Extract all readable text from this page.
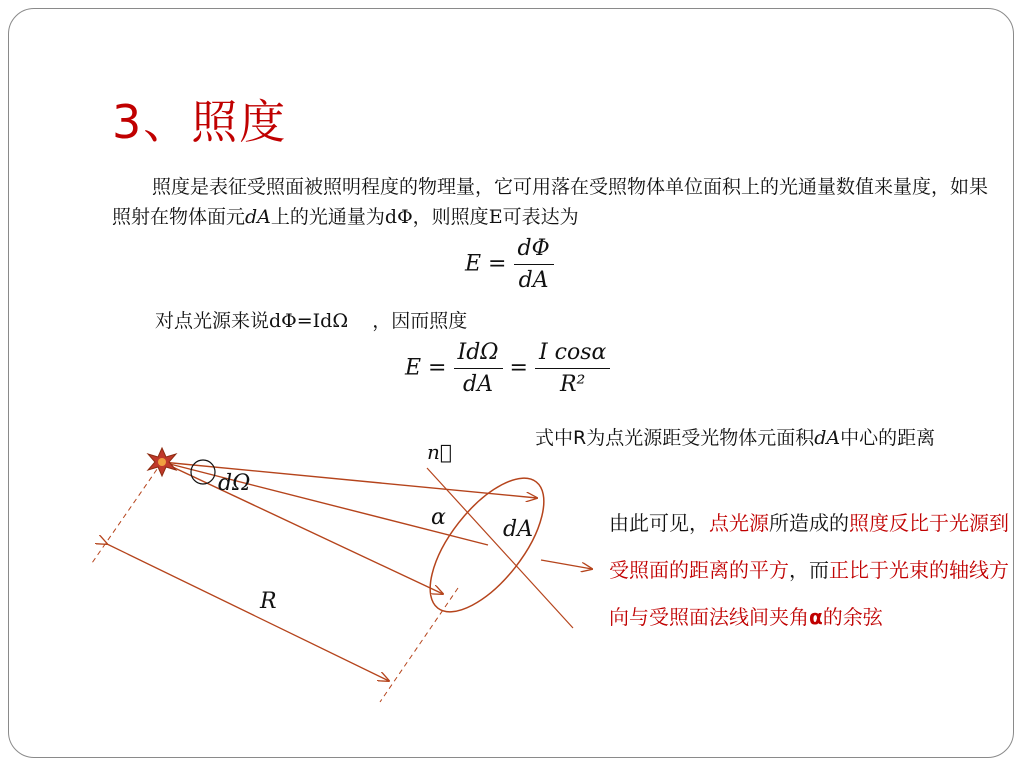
3、照度
照度是表征受照面被照明程度的物理量，它可用落在受照物体单位面积上的光通量数值来量度，如果照射在物体面元dA上的光通量为dΦ，则照度E可表达为
$E = \frac{d\Phi}{dA}$
对点光源来说dΦ=IdΩ ，因而照度
$E = \frac{\text{IdΩ}}{dA} = \frac{\text{I cosα}}{\text{R²}}$
式中R为点光源距受光物体元面积dA中心的距离
n⃗
dΩ
α	dA
R
由此可见，点光源所造成的照度反比于光源到受照面的距离的平方，而正比于光束的轴线方向与受照面法线间夹角α的余弦
